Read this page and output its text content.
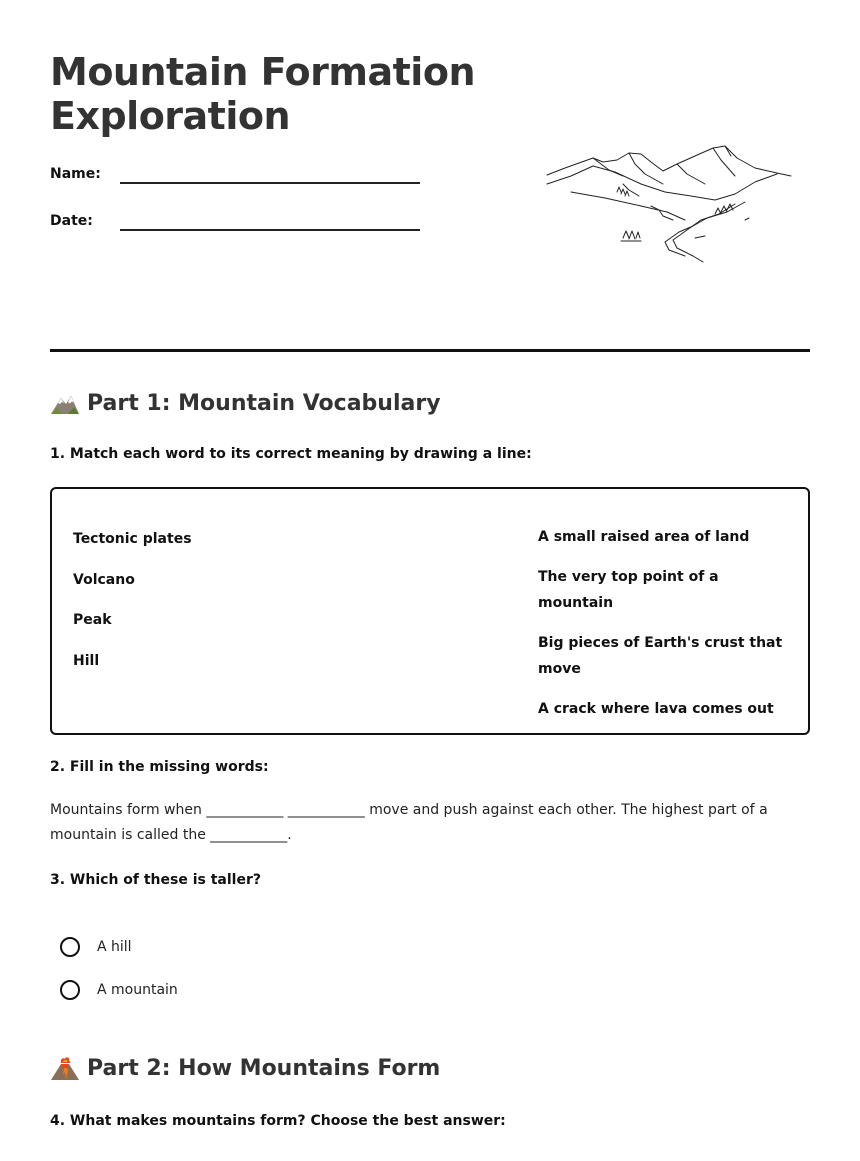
Mountain Formation
Exploration
Name:
Date:
Part 1: Mountain Vocabulary
1. Match each word to its correct meaning by drawing a line:
Tectonic plates
Volcano
Peak
Hill
A small raised area of land
The very top point of a mountain
Big pieces of Earth's crust that move
A crack where lava comes out
2. Fill in the missing words:
Mountains form when ___________ ___________ move and push against each other. The highest part of a mountain is called the ___________.
3. Which of these is taller?
A hill
A mountain
Part 2: How Mountains Form
4. What makes mountains form? Choose the best answer:
